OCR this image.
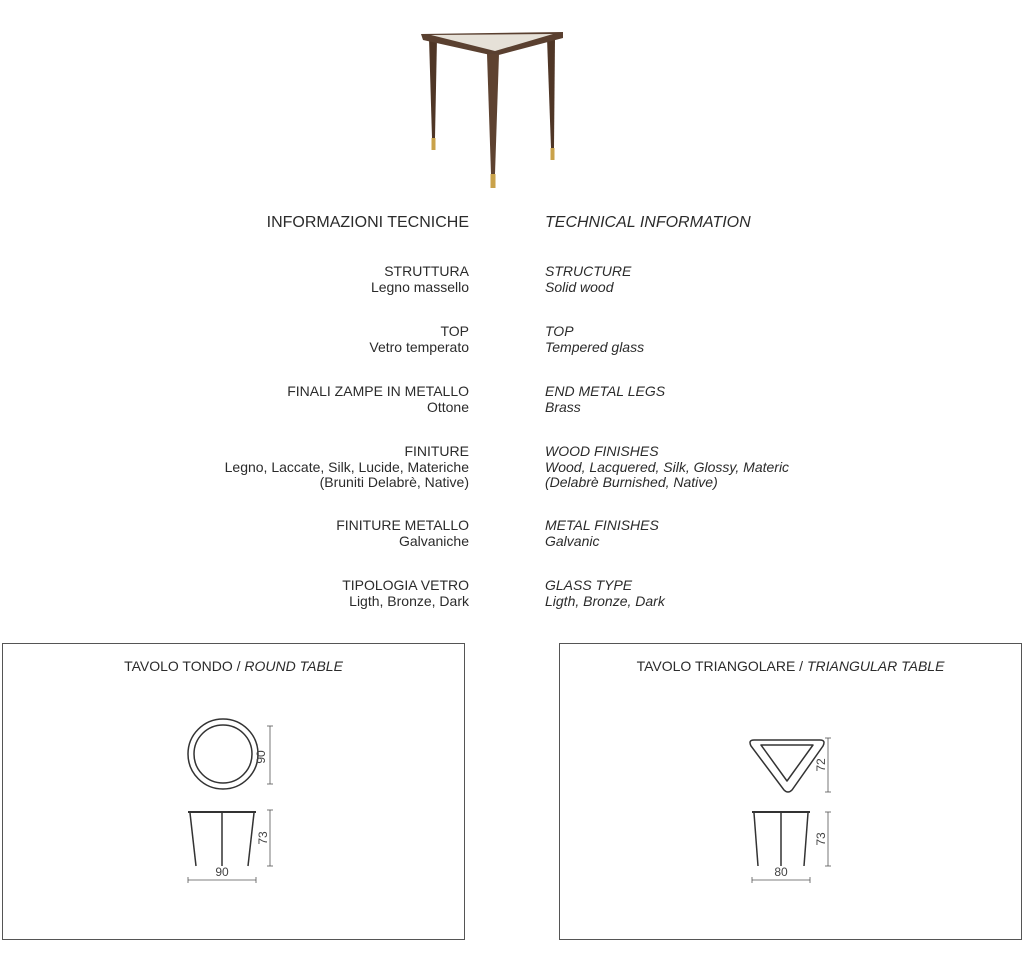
INFORMAZIONI TECNICHE	TECHNICAL INFORMATION
STRUTTURA
Legno massello
STRUCTURE
Solid wood
TOP
Vetro temperato
TOP
Tempered glass
FINALI ZAMPE IN METALLO
Ottone
END METAL LEGS
Brass
FINITURE
Legno, Laccate, Silk, Lucide, Materiche
(Bruniti Delabrè, Native)
WOOD FINISHES
Wood, Lacquered, Silk, Glossy, Materic
(Delabrè Burnished, Native)
FINITURE METALLO
Galvaniche
METAL FINISHES
Galvanic
TIPOLOGIA VETRO
Ligth, Bronze, Dark
GLASS TYPE
Ligth, Bronze, Dark
TAVOLO TONDO / ROUND TABLE
90
73
90
TAVOLO TRIANGOLARE / TRIANGULAR TABLE
72
73
80
